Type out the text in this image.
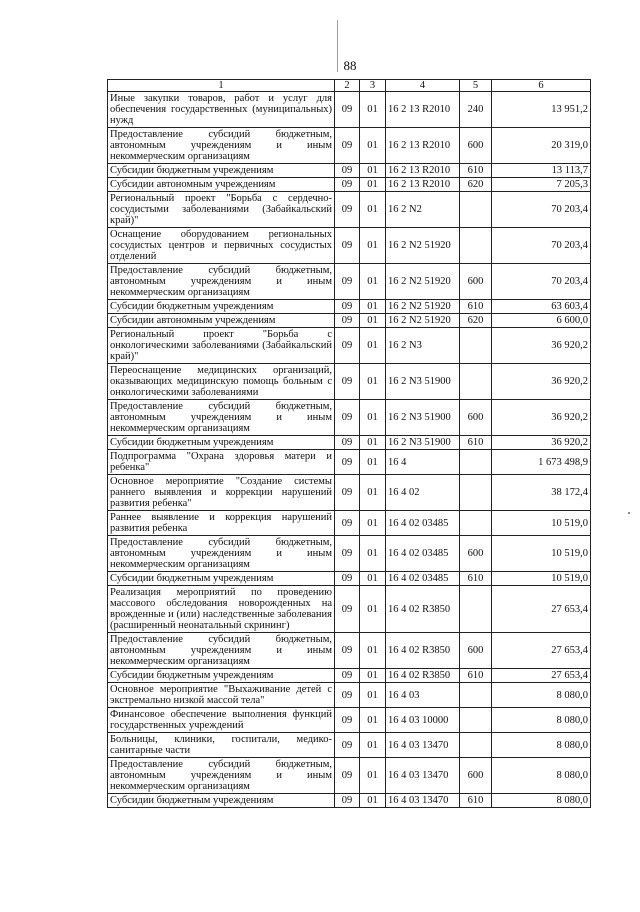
88
1	2	3	4	5	6
Иные закупки товаров, работ и услуг для обеспечения государственных (муниципальных) нужд	09	01	16 2 13 R2010	240	13 951,2
Предоставление субсидий бюджетным, автономным учреждениям и иным некоммерческим организациям	09	01	16 2 13 R2010	600	20 319,0
Субсидии бюджетным учреждениям	09	01	16 2 13 R2010	610	13 113,7
Субсидии автономным учреждениям	09	01	16 2 13 R2010	620	7 205,3
Региональный проект "Борьба с сердечно-сосудистыми заболеваниями (Забайкальский край)"	09	01	16 2 N2		70 203,4
Оснащение оборудованием региональных сосудистых центров и первичных сосудистых отделений	09	01	16 2 N2 51920		70 203,4
Предоставление субсидий бюджетным, автономным учреждениям и иным некоммерческим организациям	09	01	16 2 N2 51920	600	70 203,4
Субсидии бюджетным учреждениям	09	01	16 2 N2 51920	610	63 603,4
Субсидии автономным учреждениям	09	01	16 2 N2 51920	620	6 600,0
Региональный проект "Борьба с онкологическими заболеваниями (Забайкальский край)"	09	01	16 2 N3		36 920,2
Переоснащение медицинских организаций, оказывающих медицинскую помощь больным с онкологическими заболеваниями	09	01	16 2 N3 51900		36 920,2
Предоставление субсидий бюджетным, автономным учреждениям и иным некоммерческим организациям	09	01	16 2 N3 51900	600	36 920,2
Субсидии бюджетным учреждениям	09	01	16 2 N3 51900	610	36 920,2
Подпрограмма "Охрана здоровья матери и ребенка"	09	01	16 4		1 673 498,9
Основное мероприятие "Создание системы раннего выявления и коррекции нарушений развития ребенка"	09	01	16 4 02		38 172,4
Раннее выявление и коррекция нарушений развития ребенка	09	01	16 4 02 03485		10 519,0
Предоставление субсидий бюджетным, автономным учреждениям и иным некоммерческим организациям	09	01	16 4 02 03485	600	10 519,0
Субсидии бюджетным учреждениям	09	01	16 4 02 03485	610	10 519,0
Реализация мероприятий по проведению массового обследования новорожденных на врожденные и (или) наследственные заболевания (расширенный неонатальный скрининг)	09	01	16 4 02 R3850		27 653,4
Предоставление субсидий бюджетным, автономным учреждениям и иным некоммерческим организациям	09	01	16 4 02 R3850	600	27 653,4
Субсидии бюджетным учреждениям	09	01	16 4 02 R3850	610	27 653,4
Основное мероприятие "Выхаживание детей с экстремально низкой массой тела"	09	01	16 4 03		8 080,0
Финансовое обеспечение выполнения функций государственных учреждений	09	01	16 4 03 10000		8 080,0
Больницы, клиники, госпитали, медико-санитарные части	09	01	16 4 03 13470		8 080,0
Предоставление субсидий бюджетным, автономным учреждениям и иным некоммерческим организациям	09	01	16 4 03 13470	600	8 080,0
Субсидии бюджетным учреждениям	09	01	16 4 03 13470	610	8 080,0
